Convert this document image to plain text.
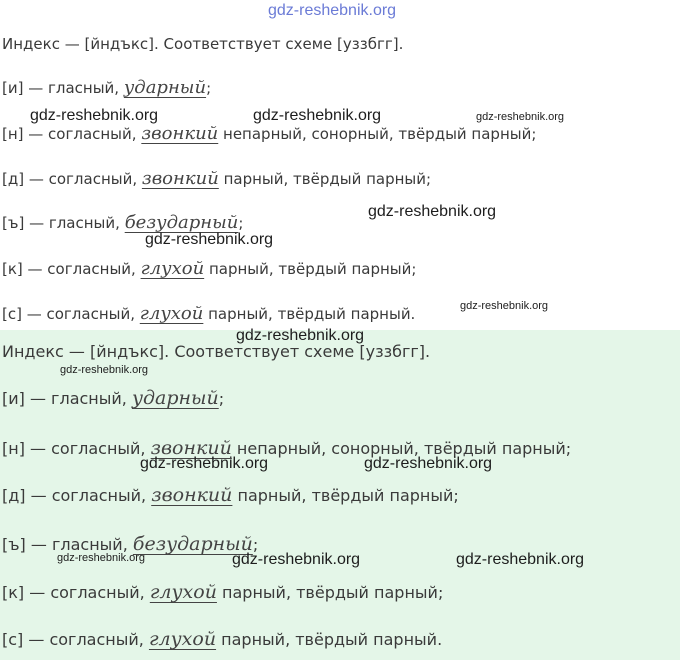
Индекс — [йндъкс]. Соответствует схеме [уззбгг].
[и] — гласный, ударный;
[н] — согласный, звонкий непарный, сонорный, твёрдый парный;
[д] — согласный, звонкий парный, твёрдый парный;
[ъ] — гласный, безударный;
[к] — согласный, глухой парный, твёрдый парный;
[с] — согласный, глухой парный, твёрдый парный.
Индекс — [йндъкс]. Соответствует схеме [уззбгг].
[и] — гласный, ударный;
[н] — согласный, звонкий непарный, сонорный, твёрдый парный;
[д] — согласный, звонкий парный, твёрдый парный;
[ъ] — гласный, безударный;
[к] — согласный, глухой парный, твёрдый парный;
[с] — согласный, глухой парный, твёрдый парный.
gdz-reshebnik.org
gdz-reshebnik.org	gdz-reshebnik.org	gdz-reshebnik.org
gdz-reshebnik.org
gdz-reshebnik.org
gdz-reshebnik.org
gdz-reshebnik.org
gdz-reshebnik.org
gdz-reshebnik.org	gdz-reshebnik.org
gdz-reshebnik.org	gdz-reshebnik.org	gdz-reshebnik.org
